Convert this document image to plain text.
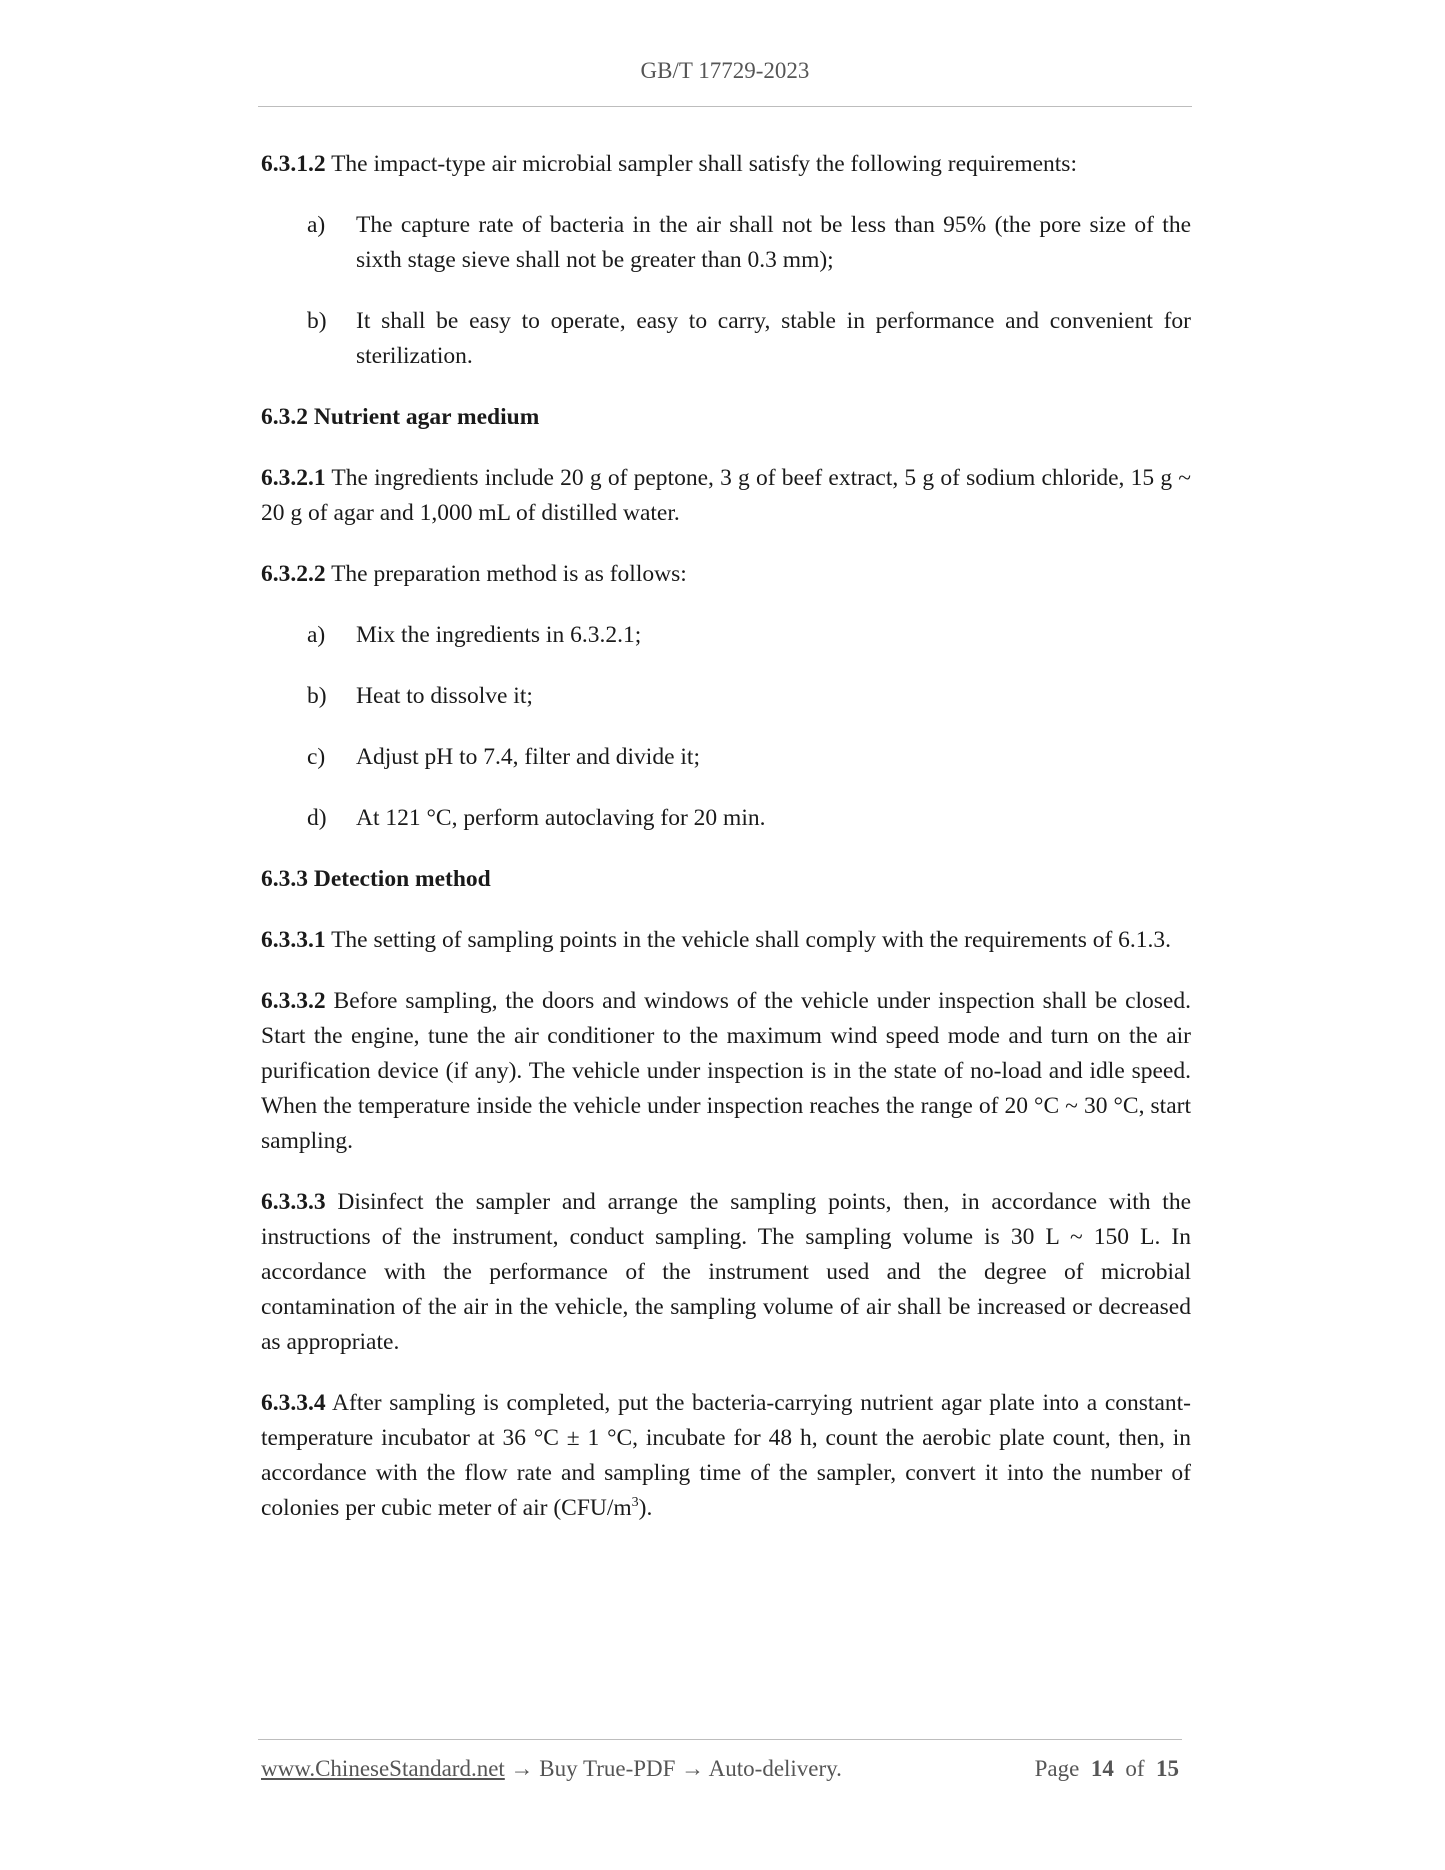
GB/T 17729-2023

6.3.1.2 The impact-type air microbial sampler shall satisfy the following requirements:

a)	The capture rate of bacteria in the air shall not be less than 95% (the pore size of the sixth stage sieve shall not be greater than 0.3 mm);
b)	It shall be easy to operate, easy to carry, stable in performance and convenient for sterilization.

6.3.2 Nutrient agar medium

6.3.2.1 The ingredients include 20 g of peptone, 3 g of beef extract, 5 g of sodium chloride, 15 g ~ 20 g of agar and 1,000 mL of distilled water.

6.3.2.2 The preparation method is as follows:

a)	Mix the ingredients in 6.3.2.1;
b)	Heat to dissolve it;
c)	Adjust pH to 7.4, filter and divide it;
d)	At 121 °C, perform autoclaving for 20 min.

6.3.3 Detection method

6.3.3.1 The setting of sampling points in the vehicle shall comply with the requirements of 6.1.3.

6.3.3.2 Before sampling, the doors and windows of the vehicle under inspection shall be closed. Start the engine, tune the air conditioner to the maximum wind speed mode and turn on the air purification device (if any). The vehicle under inspection is in the state of no-load and idle speed. When the temperature inside the vehicle under inspection reaches the range of 20 °C ~ 30 °C, start sampling.

6.3.3.3 Disinfect the sampler and arrange the sampling points, then, in accordance with the instructions of the instrument, conduct sampling. The sampling volume is 30 L ~ 150 L. In accordance with the performance of the instrument used and the degree of microbial contamination of the air in the vehicle, the sampling volume of air shall be increased or decreased as appropriate.

6.3.3.4 After sampling is completed, put the bacteria-carrying nutrient agar plate into a constant-temperature incubator at 36 °C ± 1 °C, incubate for 48 h, count the aerobic plate count, then, in accordance with the flow rate and sampling time of the sampler, convert it into the number of colonies per cubic meter of air $(CFU/m^3)$.

www.ChineseStandard.net → Buy True-PDF → Auto-delivery.	Page 14 of 15
